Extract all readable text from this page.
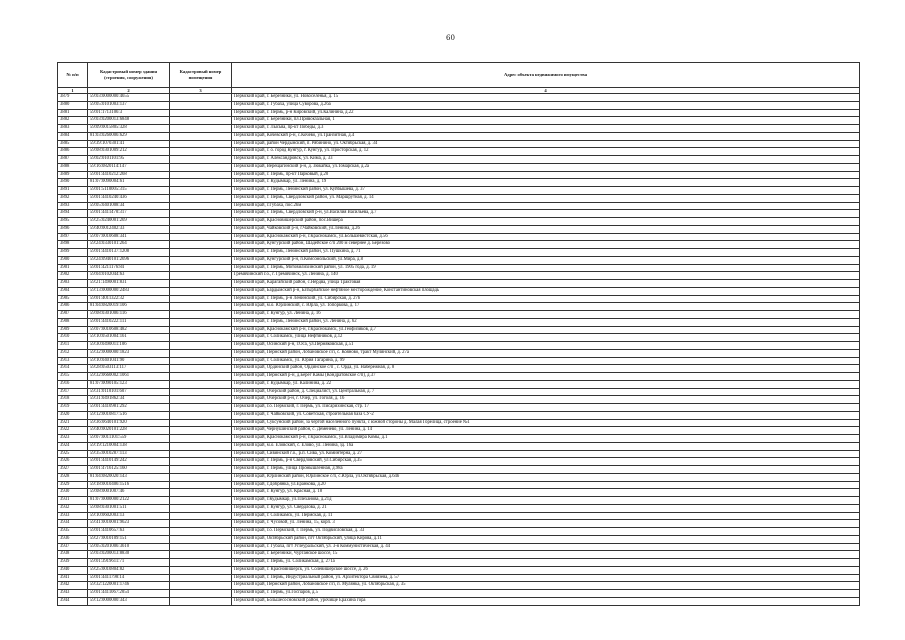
60
№ п/п	Кадастровый номер здания (строения, сооружения)	Кадастровый номер помещения	Адрес объекта недвижимого имущества
1	2	3	4
3879	59:03:0000000:4655		Пермский край, г. Березники, ул. Новоселенья, д. 15
3880	59:05:0101003:137		Пермский край, г. Губаха, улица Суворова, д.26а
3881	59:01:1713106:3		Пермский край, г. Пермь, р-н Кировский, ул.Калинина, д.22
3882	59:03:0200013:6848		Пермский край, г. Березники, пл.Привокзальная, 1
3883	59:09:0015805:328		Пермский край, г. Лысьва, пр-кт Победы, д.3
3884	81:03:0260006:629		Пермский край, Кочевский р-н, с.Кочево, ул.Транзитная, д.4
3885	59:39:1070301:41		Пермский край, район Чердынский, п. Рябинино, ул. Октябрьская, д. 34
3886	59:08:0301009:212		Пермский край, г. о. город Кунгур, г. Кунгур, ул. Просторская, д. 12
3887	59:02:0101101:95		Пермский край, г. Александровск, ул. Кима, д. 33
3888	59:16:0820114:147		Пермский край, Верещагинский р-н, д. Зюкайка, ул.Томарская, д.2а
3889	59:01:4410212:268		Пермский край, г. Пермь, пр-кт Парковый, д.20
3890	81:07:0090004:61		Пермский край, г. Кудымкар, ул. Ленина, д. 19
3891	59:01:5110005:315		Пермский край, г. Пермь, Ленинский район, ул. Куйбышева, д. 37
3892	59:01:4410240:436		Пермский край, г. Пермь, Свердловский район, ул. Маршрутная, д. 14
3893	59:05:0401008:34		Пермский край, г.Губаха, пос.2бм
3894	59:01:4411470:317		Пермский край, г. Пермь, Свердловский р-н, ул.Василия Васильева, д.7
3895	59:25:0240001:269		Пермский край, Красновишерский район, пос.Вишера
3896	59:40:0012402:33		Пермский край, Чайковский р-н, г.Чайковский, ул.Ленина, д.26
3897	59:07:0010608:341		Пермский край, Краснокамский р-н, г.Краснокамск, ул.Большевистская, д.56
3898	59:24:0330101:264		Пермский край, Кунгурский район, Шадейское с/п 200 м севернее д. Березово
3899	59:01:4410137:1208		Пермский край, г. Пермь, Ленинский район, ул. Пушкина, д. 71
3900	59:24:0940101:2696		Пермский край, Кунгурский р-н, п.Комсомольский, ул.Мира, д.8
3901	59:01:4211176:84		Пермский край, г. Пермь, Мотовилихинский район, ул. 1905 года, д. 19
3902	59:04:0102044:63		Гремячинский г.о., г. Гремячинск, ул. Ленина, д. 140
3903	59:21:1490001:831		Пермский край, Карагайский район, с.Нердва, улица Трактовая
3904	59:13:0000000:2483		Пермский край, Бардымский р-н, Батырбайское нефтяное месторождение, Константиновская площадь
3905	59:01:4011322:32		Пермский край, г. Пермь, р-н Ленинский, ул. Сибирская, д. 27б
3906	81:04:0820019:106		Пермский край, м.о. Юрлинский, с. Юрла, ул. Топоркова, д. 17
3907	59:08:0301006:116		Пермский край, г. Кунгур, ул. Ленина, д. 16
3908	59:01:4410222:111		Пермский край, г. Пермь, Ленинский район, ул. Ленина, д. 62
3909	59:07:0010608:482		Пермский край, Краснокамский р-н, г.Краснокамск, ул.Геофизиков, д.7
3910	59:10:0501004:161		Пермский край, г. Соликамск, улица Нефтяников, д.12
3911	59:30:0490011:106		Пермский край, Осинский р-н, г.Оса, ул.Пермяковская, д.51
3912	59:32:0000000:1823		Пермский край, Пермский район, Лобановское с/п, с. Кояново, тракт Мулянский, д. 27а
3913	59:10:0401041:90		Пермский край, г. Соликамск, ул. Юрия Гагарина, д. 99
3914	59:28:0503113:117		Пермский край, Ординский район, Ординское с/п , с. Орда, ул. Набережная, д. 8
3915	59:32:0660002:1061		Пермский край, Пермский р-н, д.Берег Камы (Кондратовское с/п), д.37
3916	81:07:0090105:123		Пермский край, г. Кудымкар, ул. Калинина, д. 22
3917	59:31:0110101:607		Пермский край, Очерский район, д. Специалист, ул. Центральная, д. 7
3918	59:31:0491862:34		Пермский край, Очерский р-н, г. Очер, ул. Гоголя, д. 16
3919	59:01:4410981:292		Пермский край, г.о. Пермский, г. Пермь, ул. Писарихинская, стр. 17
3920	59:12:0010817:516		Пермский край, г. Чайковский, ул. Советская, строительная база СУ-2
3921	59:36:0640101:920		Пермский край, Суксунский район, за чертой населенного пункта, с южной стороны д. Малая Горелица, строение №1
3922	59:40:0020101:228		Пермский край, Чернушинский район, с. Деменёво, ул. Ленина, д. 14
3923	59:07:0011101:559		Пермский край, Краснокамский р-н, г.Краснокамск, ул.Владимира Комы, д.1
3924	59:19:1210004:138		Пермский край, м.о. Еловский, с. Елово, ул. Ленина, зд. 16а
3925	59:35:0010287:113		Пермский край, Сивинский г.о., р.п. Сива, ул. Коминтерна, д. 27
3926	59:01:4410149:242		Пермский край, г. Пермь, р-н Свердловский, ул.Сибирская, д.35
3927	59:01:4716125:160		Пермский край, г. Пермь, улица Промышленная, д.98а
3928	81:04:0820020:143		Пермский край, Юрлинский район, Юрлинское с/п, с.Юрла, ул.Октябрьская, д.64б
3929	59:18:0010406:1516		Пермский край, г.Добрянка, ул.Еранкова, д.20
3930	59:08:0001007:46		Пермский край, г. Кунгур, ул. Красная, д. 18
3931	81:07:0000000:2122		Пермский край, г.Кудымкар, ул.Плеханова, д.21д
3932	59:08:0301001:511		Пермский край, г. Кунгур, ул. Свердлова, д. 21
3933	59:10:0602003:13		Пермский край, г. Соликамск, ул. Пермская, д. 11
3934	59:41:0010001:9623		Пермский край, г. Чусовой, ул. Ленина, 15, корп. 3
3935	59:01:4410657:63		Пермский край, г.о. Пермский, г. Пермь, ул. Подвисловская, д. 33
3936	59:27:0010109:151		Пермский край, Октябрьский район, пгт Октябрьский, улица Кирова, д.11
3937	59:05:0201006:3610		Пермский край, г. Губаха, пгт Углеуральский, ул. 3-я Коммунистическая, д. 44
3938	59:03:0200013:8830		Пермский край, г. Березники, Чуртанское шоссе, 15
3939	59:01:3919611:71		Пермский край, г. Пермь, ул. Соликамская, д. 271а
3940	59:25:0010804:82		Пермский край, г. Красновишерск, ул. Солевишерское шоссе, д. 26
3941	59:01:4411798:14		Пермский край, г. Пермь, Индустриальный район, ул. Архитектора Свиязева, д. 57
3942	59:32:1220001:1746		Пермский край, Пермский район, Лобановское с/п, п. Мулянка, ул. Октябрьская, д. 35
3943	59:01:4411067:2054		Пермский край, г. Пермь, ул.Госпаров, д.5
3944	59:12:0000000:343		Пермский край, Большесосновский район, урочище Ерахина гора
